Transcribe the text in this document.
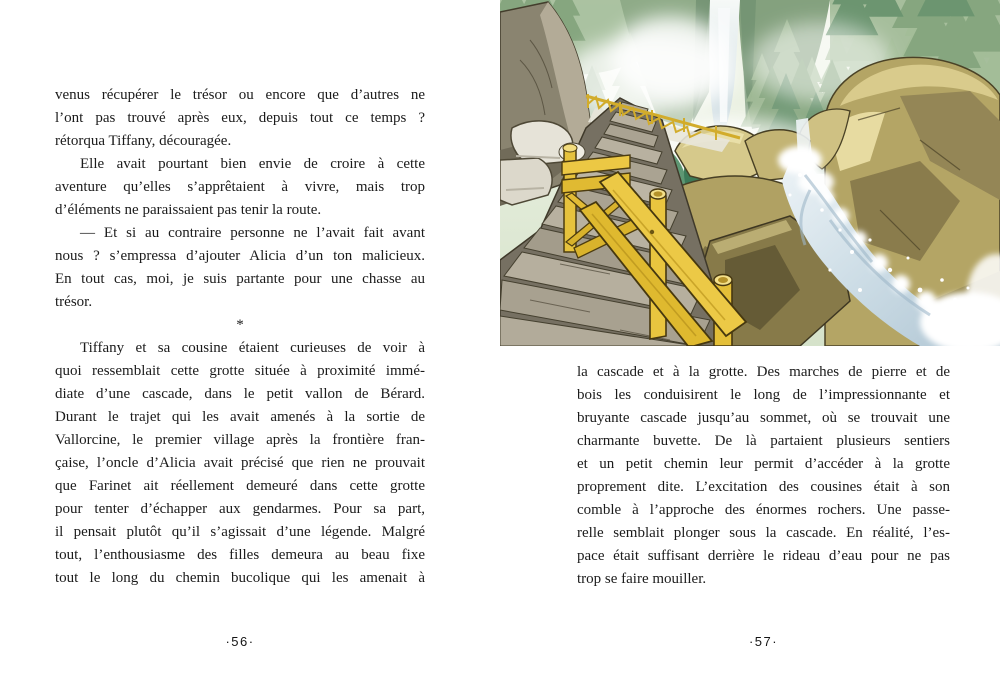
venus récupérer le trésor ou encore que d’autres ne
l’ont pas trouvé après eux, depuis tout ce temps ?
rétorqua Tiffany, découragée.
Elle avait pourtant bien envie de croire à cette
aventure qu’elles s’apprêtaient à vivre, mais trop
d’éléments ne paraissaient pas tenir la route.
— Et si au contraire personne ne l’avait fait avant
nous ? s’empressa d’ajouter Alicia d’un ton malicieux.
En tout cas, moi, je suis partante pour une chasse au
trésor.
*
Tiffany et sa cousine étaient curieuses de voir à
quoi ressemblait cette grotte située à proximité immé-
diate d’une cascade, dans le petit vallon de Bérard.
Durant le trajet qui les avait amenés à la sortie de
Vallorcine, le premier village après la frontière fran-
çaise, l’oncle d’Alicia avait précisé que rien ne prouvait
que Farinet ait réellement demeuré dans cette grotte
pour tenter d’échapper aux gendarmes. Pour sa part,
il pensait plutôt qu’il s’agissait d’une légende. Malgré
tout, l’enthousiasme des filles demeura au beau fixe
tout le long du chemin bucolique qui les amenait à
·56·
la cascade et à la grotte. Des marches de pierre et de
bois les conduisirent le long de l’impressionnante et
bruyante cascade jusqu’au sommet, où se trouvait une
charmante buvette. De là partaient plusieurs sentiers
et un petit chemin leur permit d’accéder à la grotte
proprement dite. L’excitation des cousines était à son
comble à l’approche des énormes rochers. Une passe-
relle semblait plonger sous la cascade. En réalité, l’es-
pace était suffisant derrière le rideau d’eau pour ne pas
trop se faire mouiller.
·57·
